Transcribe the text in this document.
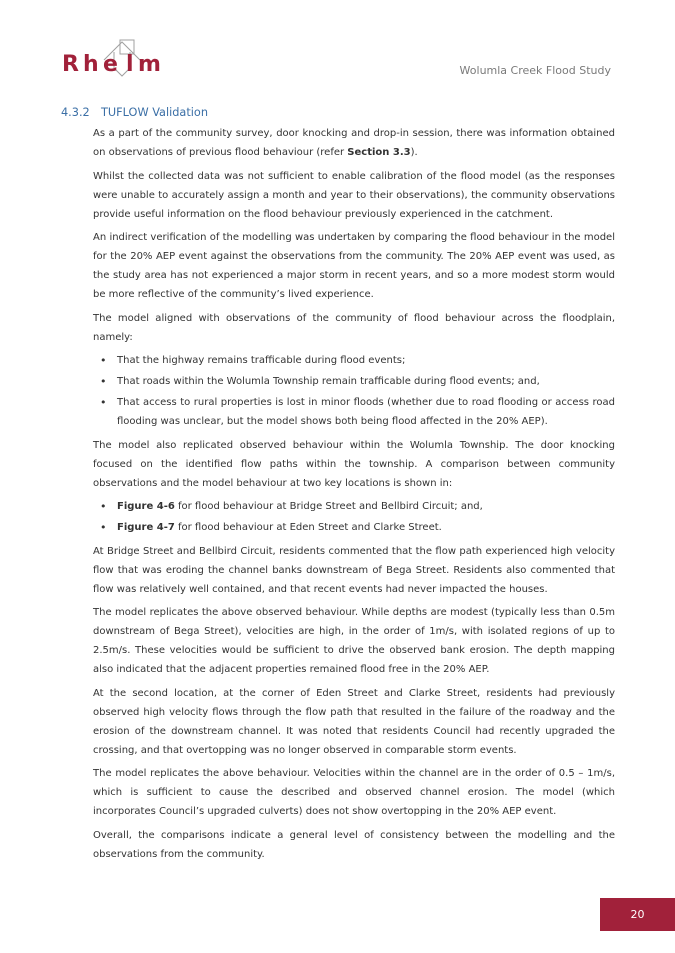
R h e l m	Wolumla Creek Flood Study
4.3.2 TUFLOW Validation

As a part of the community survey, door knocking and drop-in session, there was information obtained on observations of previous flood behaviour (refer Section 3.3).

Whilst the collected data was not sufficient to enable calibration of the flood model (as the responses were unable to accurately assign a month and year to their observations), the community observations provide useful information on the flood behaviour previously experienced in the catchment.

An indirect verification of the modelling was undertaken by comparing the flood behaviour in the model for the 20% AEP event against the observations from the community. The 20% AEP event was used, as the study area has not experienced a major storm in recent years, and so a more modest storm would be more reflective of the community’s lived experience.

The model aligned with observations of the community of flood behaviour across the floodplain, namely:

• That the highway remains trafficable during flood events;
• That roads within the Wolumla Township remain trafficable during flood events; and,
• That access to rural properties is lost in minor floods (whether due to road flooding or access road flooding was unclear, but the model shows both being flood affected in the 20% AEP).

The model also replicated observed behaviour within the Wolumla Township. The door knocking focused on the identified flow paths within the township. A comparison between community observations and the model behaviour at two key locations is shown in:

• Figure 4-6 for flood behaviour at Bridge Street and Bellbird Circuit; and,
• Figure 4-7 for flood behaviour at Eden Street and Clarke Street.

At Bridge Street and Bellbird Circuit, residents commented that the flow path experienced high velocity flow that was eroding the channel banks downstream of Bega Street. Residents also commented that flow was relatively well contained, and that recent events had never impacted the houses.

The model replicates the above observed behaviour. While depths are modest (typically less than 0.5m downstream of Bega Street), velocities are high, in the order of 1m/s, with isolated regions of up to 2.5m/s. These velocities would be sufficient to drive the observed bank erosion. The depth mapping also indicated that the adjacent properties remained flood free in the 20% AEP.

At the second location, at the corner of Eden Street and Clarke Street, residents had previously observed high velocity flows through the flow path that resulted in the failure of the roadway and the erosion of the downstream channel. It was noted that residents Council had recently upgraded the crossing, and that overtopping was no longer observed in comparable storm events.

The model replicates the above behaviour. Velocities within the channel are in the order of 0.5 – 1m/s, which is sufficient to cause the described and observed channel erosion. The model (which incorporates Council’s upgraded culverts) does not show overtopping in the 20% AEP event.

Overall, the comparisons indicate a general level of consistency between the modelling and the observations from the community.

20
